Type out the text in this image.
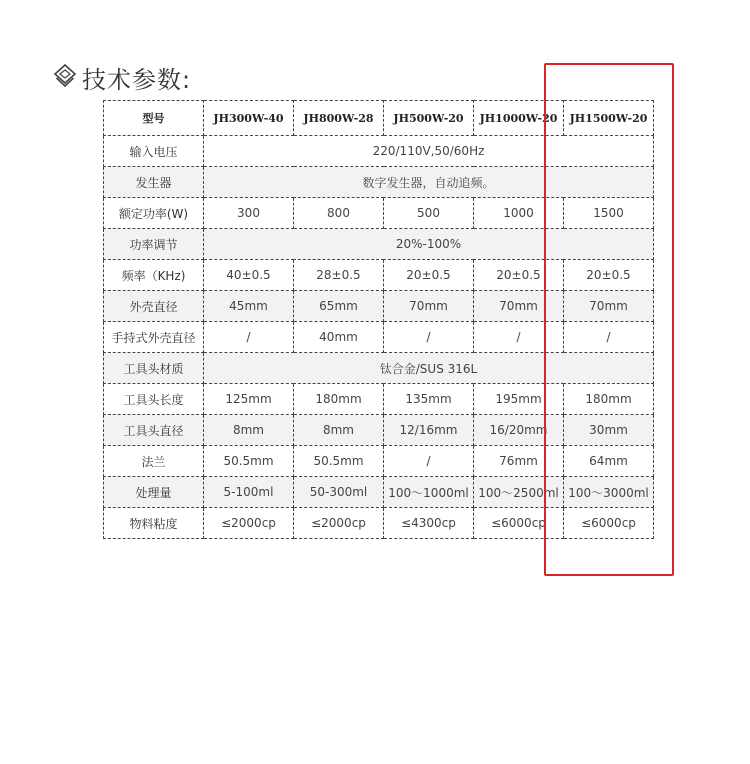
技术参数:
型号	JH300W-40	JH800W-28	JH500W-20	JH1000W-20	JH1500W-20
输入电压	220/110V,50/60Hz				
发生器	数字发生器，自动追频。				
额定功率(W)	300	800	500	1000	1500
功率调节	20%-100%				
频率（KHz)	40±0.5	28±0.5	20±0.5	20±0.5	20±0.5
外壳直径	45mm	65mm	70mm	70mm	70mm
手持式外壳直径	/	40mm	/	/	/
工具头材质	钛合金/SUS 316L				
工具头长度	125mm	180mm	135mm	195mm	180mm
工具头直径	8mm	8mm	12/16mm	16/20mm	30mm
法兰	50.5mm	50.5mm	/	76mm	64mm
处理量	5-100ml	50-300ml	100～1000ml	100～2500ml	100～3000ml
物料粘度	≤2000cp	≤2000cp	≤4300cp	≤6000cp	≤6000cp
